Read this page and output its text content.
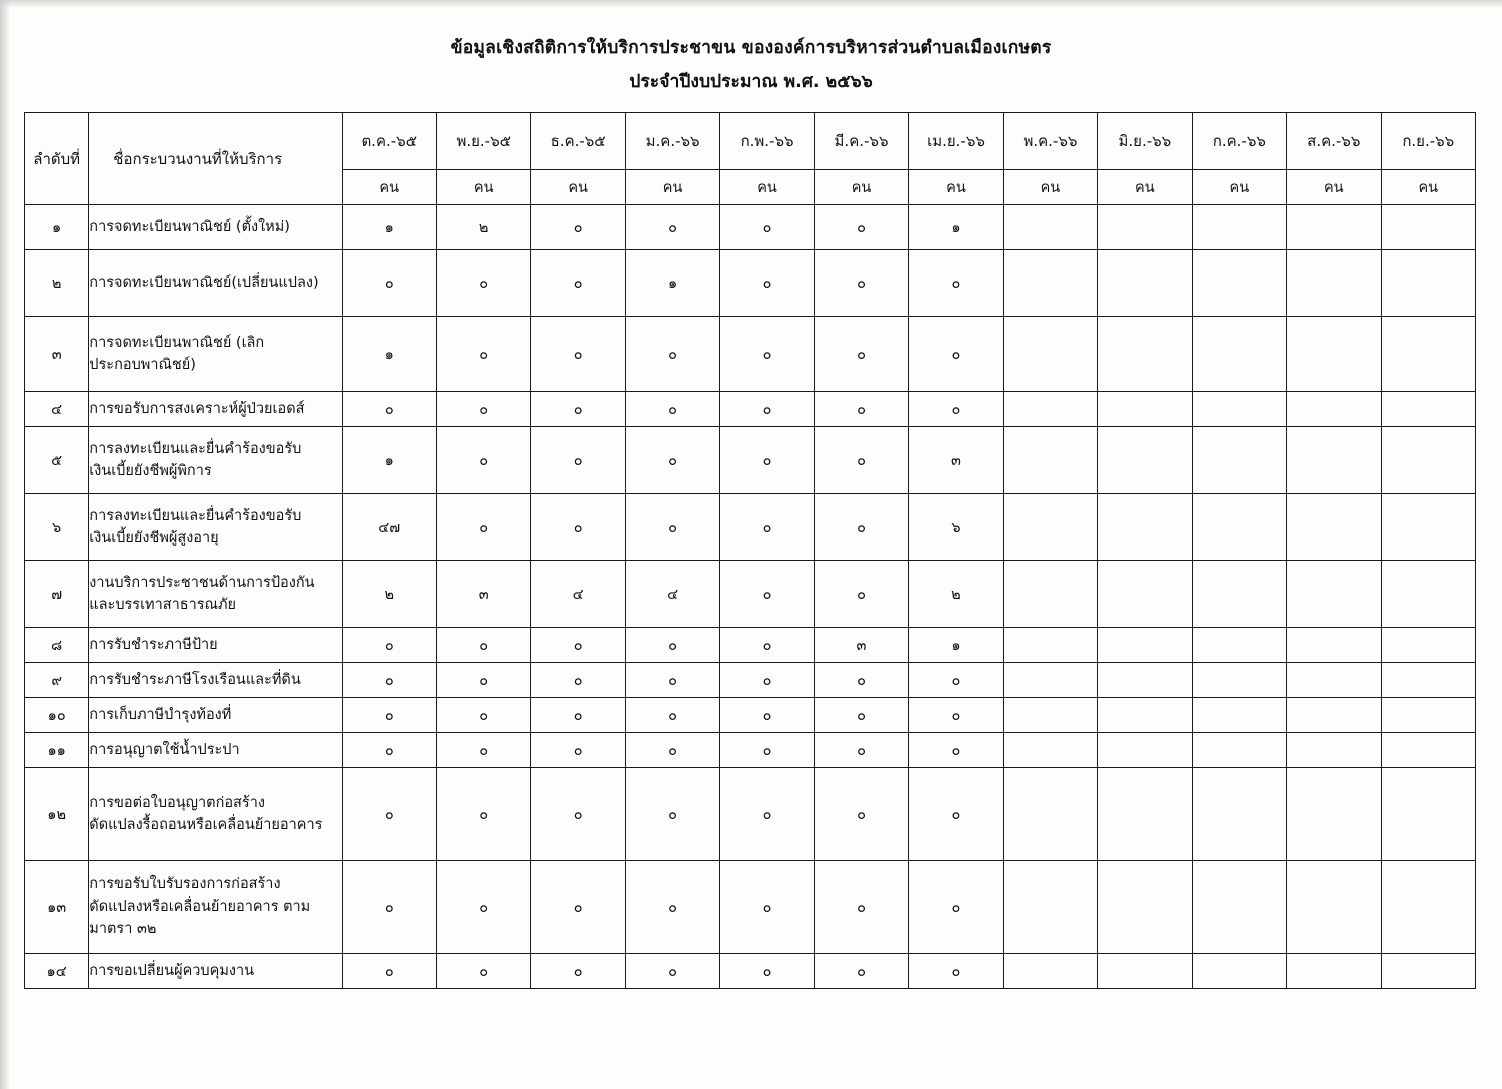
ข้อมูลเชิงสถิติการให้บริการประชาขน ขององค์การบริหารส่วนตำบลเมืองเกษตร
ประจำปีงบประมาณ พ.ศ. ๒๕๖๖
ลำดับที่	ชื่อกระบวนงานที่ให้บริการ	ต.ค.-๖๕	พ.ย.-๖๕	ธ.ค.-๖๕	ม.ค.-๖๖	ก.พ.-๖๖	มี.ค.-๖๖	เม.ย.-๖๖	พ.ค.-๖๖	มิ.ย.-๖๖	ก.ค.-๖๖	ส.ค.-๖๖	ก.ย.-๖๖
		คน	คน	คน	คน	คน	คน	คน	คน	คน	คน	คน	คน
๑	การจดทะเบียนพาณิชย์ (ตั้งใหม่)	๑	๒	๐	๐	๐	๐	๑					
๒	การจดทะเบียนพาณิชย์(เปลี่ยนแปลง)	๐	๐	๐	๑	๐	๐	๐					
๓	การจดทะเบียนพาณิชย์ (เลิก
ประกอบพาณิชย์)	๑	๐	๐	๐	๐	๐	๐					
๔	การขอรับการสงเคราะห์ผู้ป่วยเอดส์	๐	๐	๐	๐	๐	๐	๐					
๕	การลงทะเบียนและยื่นคำร้องขอรับ
เงินเบี้ยยังชีพผู้พิการ	๑	๐	๐	๐	๐	๐	๓					
๖	การลงทะเบียนและยื่นคำร้องขอรับ
เงินเบี้ยยังชีพผู้สูงอายุ	๔๗	๐	๐	๐	๐	๐	๖					
๗	งานบริการประชาชนด้านการป้องกัน
และบรรเทาสาธารณภัย	๒	๓	๔	๔	๐	๐	๒					
๘	การรับชำระภาษีป้าย	๐	๐	๐	๐	๐	๓	๑					
๙	การรับชำระภาษีโรงเรือนและที่ดิน	๐	๐	๐	๐	๐	๐	๐					
๑๐	การเก็บภาษีบำรุงท้องที่	๐	๐	๐	๐	๐	๐	๐					
๑๑	การอนุญาตใช้น้ำประปา	๐	๐	๐	๐	๐	๐	๐					
๑๒	การขอต่อใบอนุญาตก่อสร้าง
ดัดแปลงรื้อถอนหรือเคลื่อนย้ายอาคาร	๐	๐	๐	๐	๐	๐	๐					
๑๓	การขอรับใบรับรองการก่อสร้าง
ดัดแปลงหรือเคลื่อนย้ายอาคาร ตาม
มาตรา ๓๒	๐	๐	๐	๐	๐	๐	๐					
๑๔	การขอเปลี่ยนผู้ควบคุมงาน	๐	๐	๐	๐	๐	๐	๐					
